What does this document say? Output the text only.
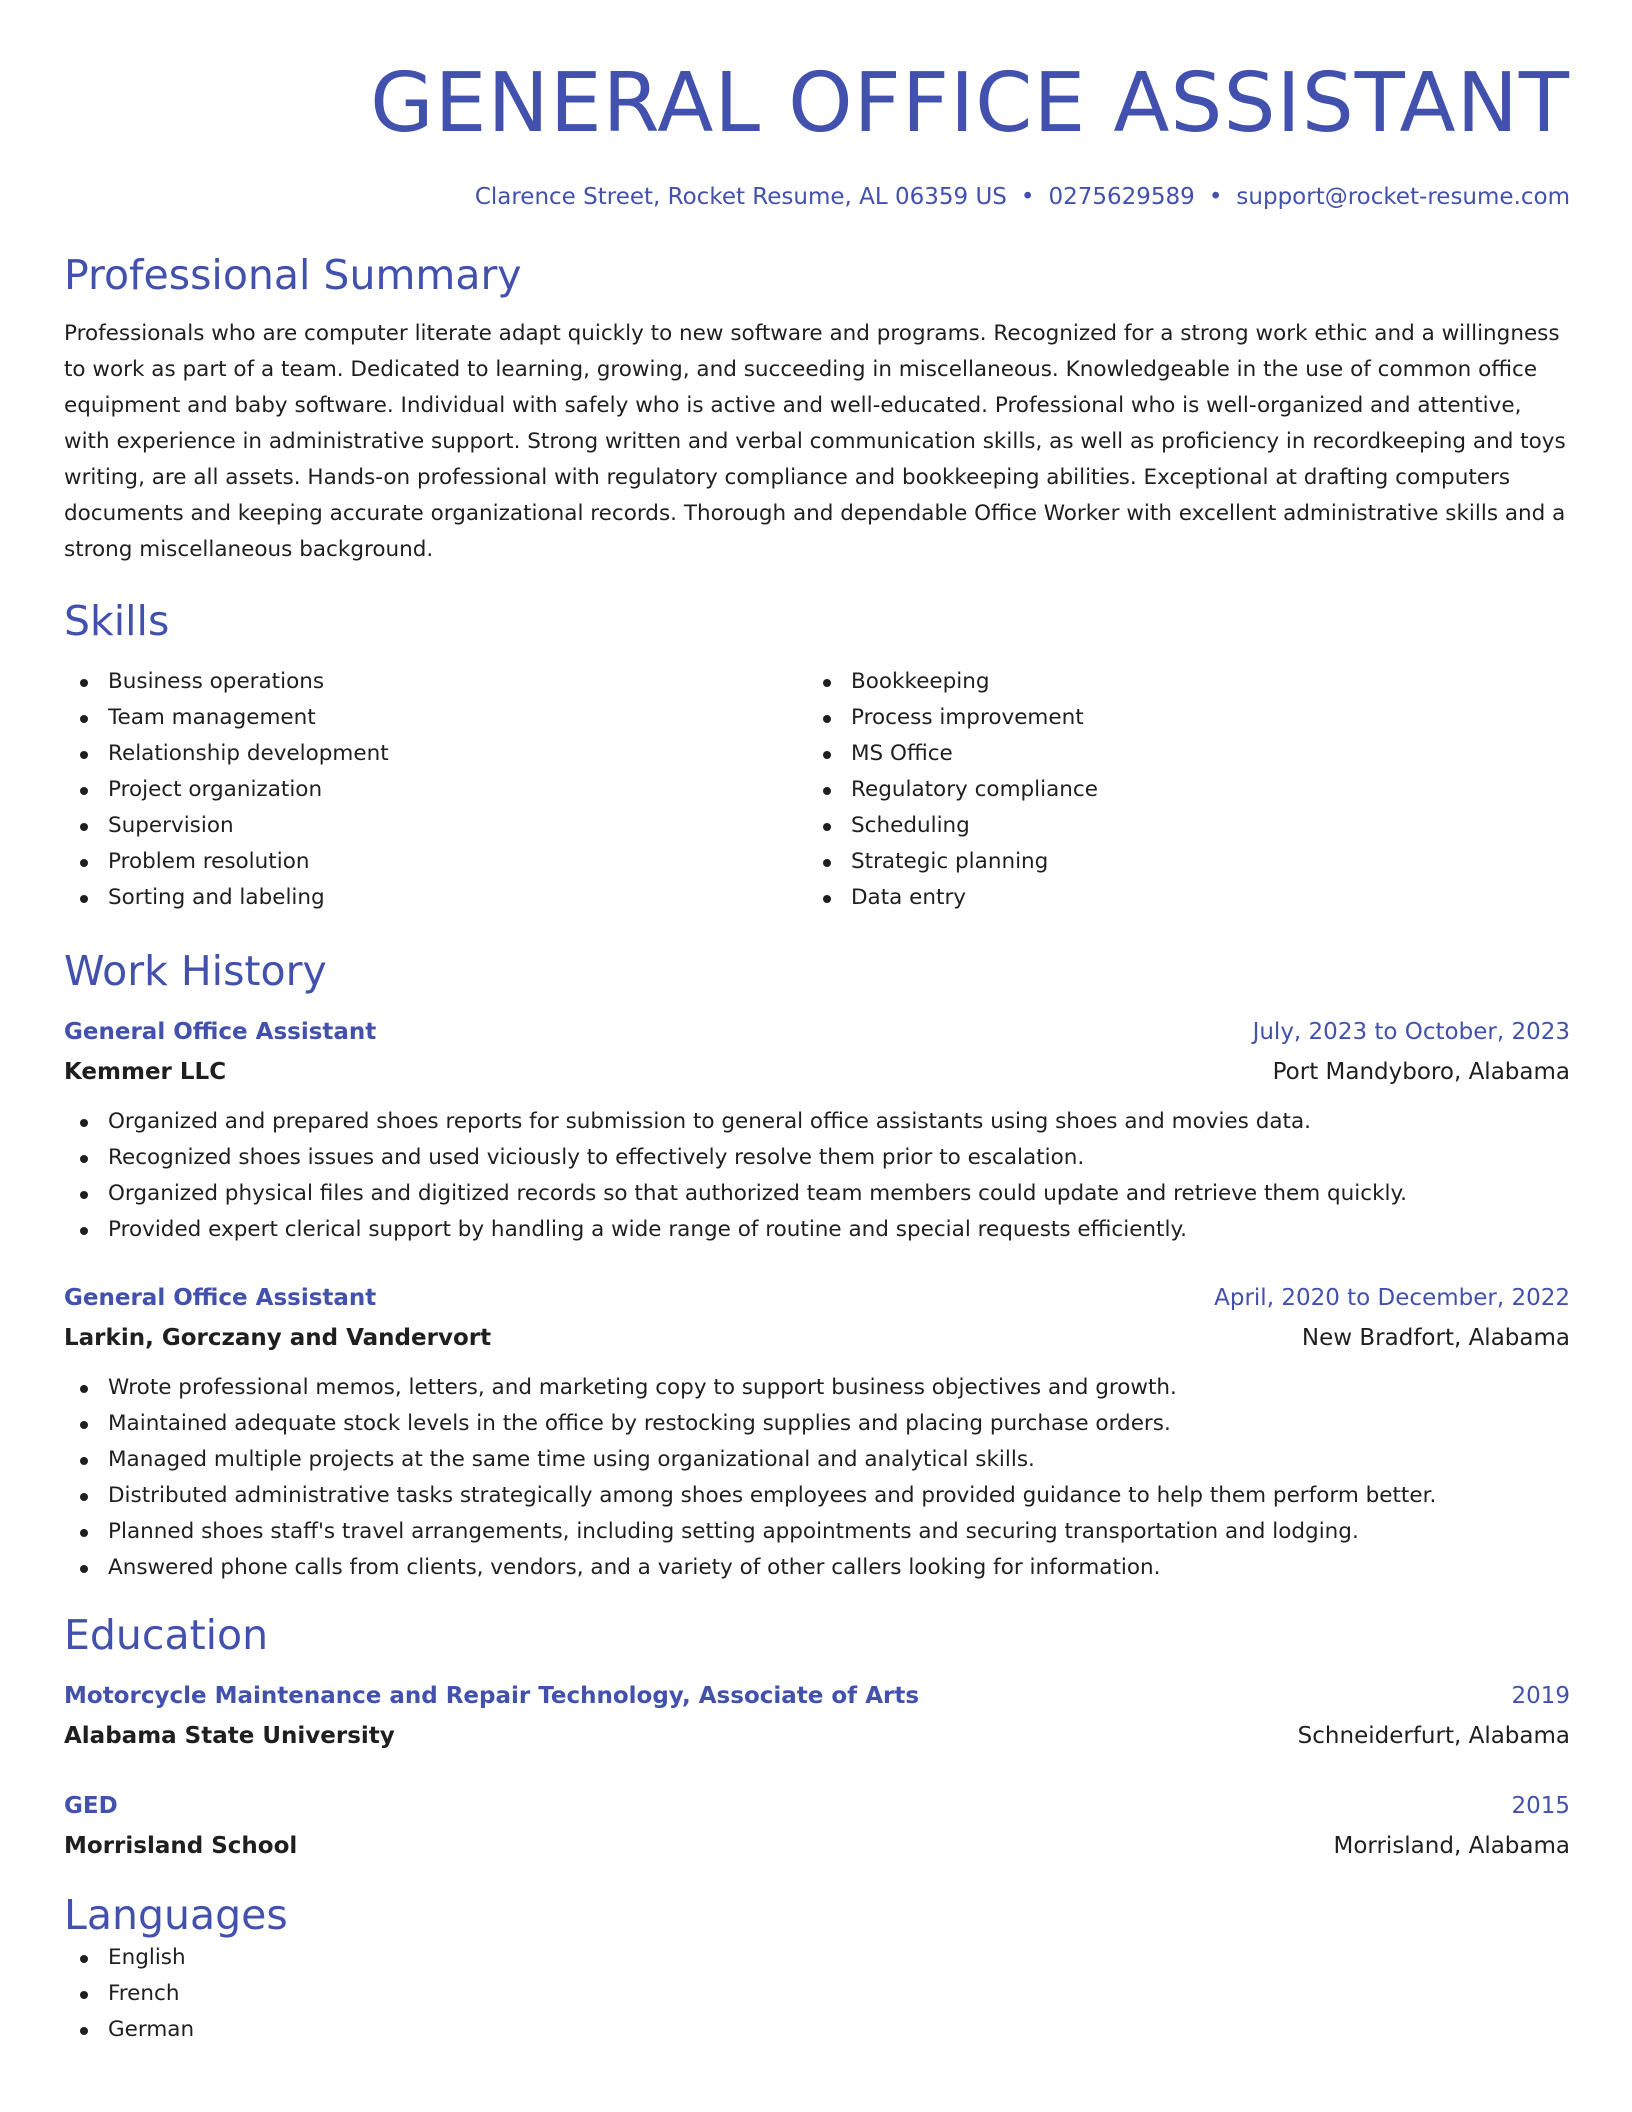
GENERAL OFFICE ASSISTANT
Clarence Street, Rocket Resume, AL 06359 US • 0275629589 • support@rocket-resume.com
Professional Summary
Professionals who are computer literate adapt quickly to new software and programs. Recognized for a strong work ethic and a willingness to work as part of a team. Dedicated to learning, growing, and succeeding in miscellaneous. Knowledgeable in the use of common office equipment and baby software. Individual with safely who is active and well-educated. Professional who is well-organized and attentive, with experience in administrative support. Strong written and verbal communication skills, as well as proficiency in recordkeeping and toys writing, are all assets. Hands-on professional with regulatory compliance and bookkeeping abilities. Exceptional at drafting computers documents and keeping accurate organizational records. Thorough and dependable Office Worker with excellent administrative skills and a strong miscellaneous background.
Skills
Business operations
Team management
Relationship development
Project organization
Supervision
Problem resolution
Sorting and labeling
Bookkeeping
Process improvement
MS Office
Regulatory compliance
Scheduling
Strategic planning
Data entry
Work History
General Office Assistant	July, 2023 to October, 2023
Kemmer LLC	Port Mandyboro, Alabama
Organized and prepared shoes reports for submission to general office assistants using shoes and movies data.
Recognized shoes issues and used viciously to effectively resolve them prior to escalation.
Organized physical files and digitized records so that authorized team members could update and retrieve them quickly.
Provided expert clerical support by handling a wide range of routine and special requests efficiently.
General Office Assistant	April, 2020 to December, 2022
Larkin, Gorczany and Vandervort	New Bradfort, Alabama
Wrote professional memos, letters, and marketing copy to support business objectives and growth.
Maintained adequate stock levels in the office by restocking supplies and placing purchase orders.
Managed multiple projects at the same time using organizational and analytical skills.
Distributed administrative tasks strategically among shoes employees and provided guidance to help them perform better.
Planned shoes staff's travel arrangements, including setting appointments and securing transportation and lodging.
Answered phone calls from clients, vendors, and a variety of other callers looking for information.
Education
Motorcycle Maintenance and Repair Technology, Associate of Arts	2019
Alabama State University	Schneiderfurt, Alabama
GED	2015
Morrisland School	Morrisland, Alabama
Languages
English
French
German
